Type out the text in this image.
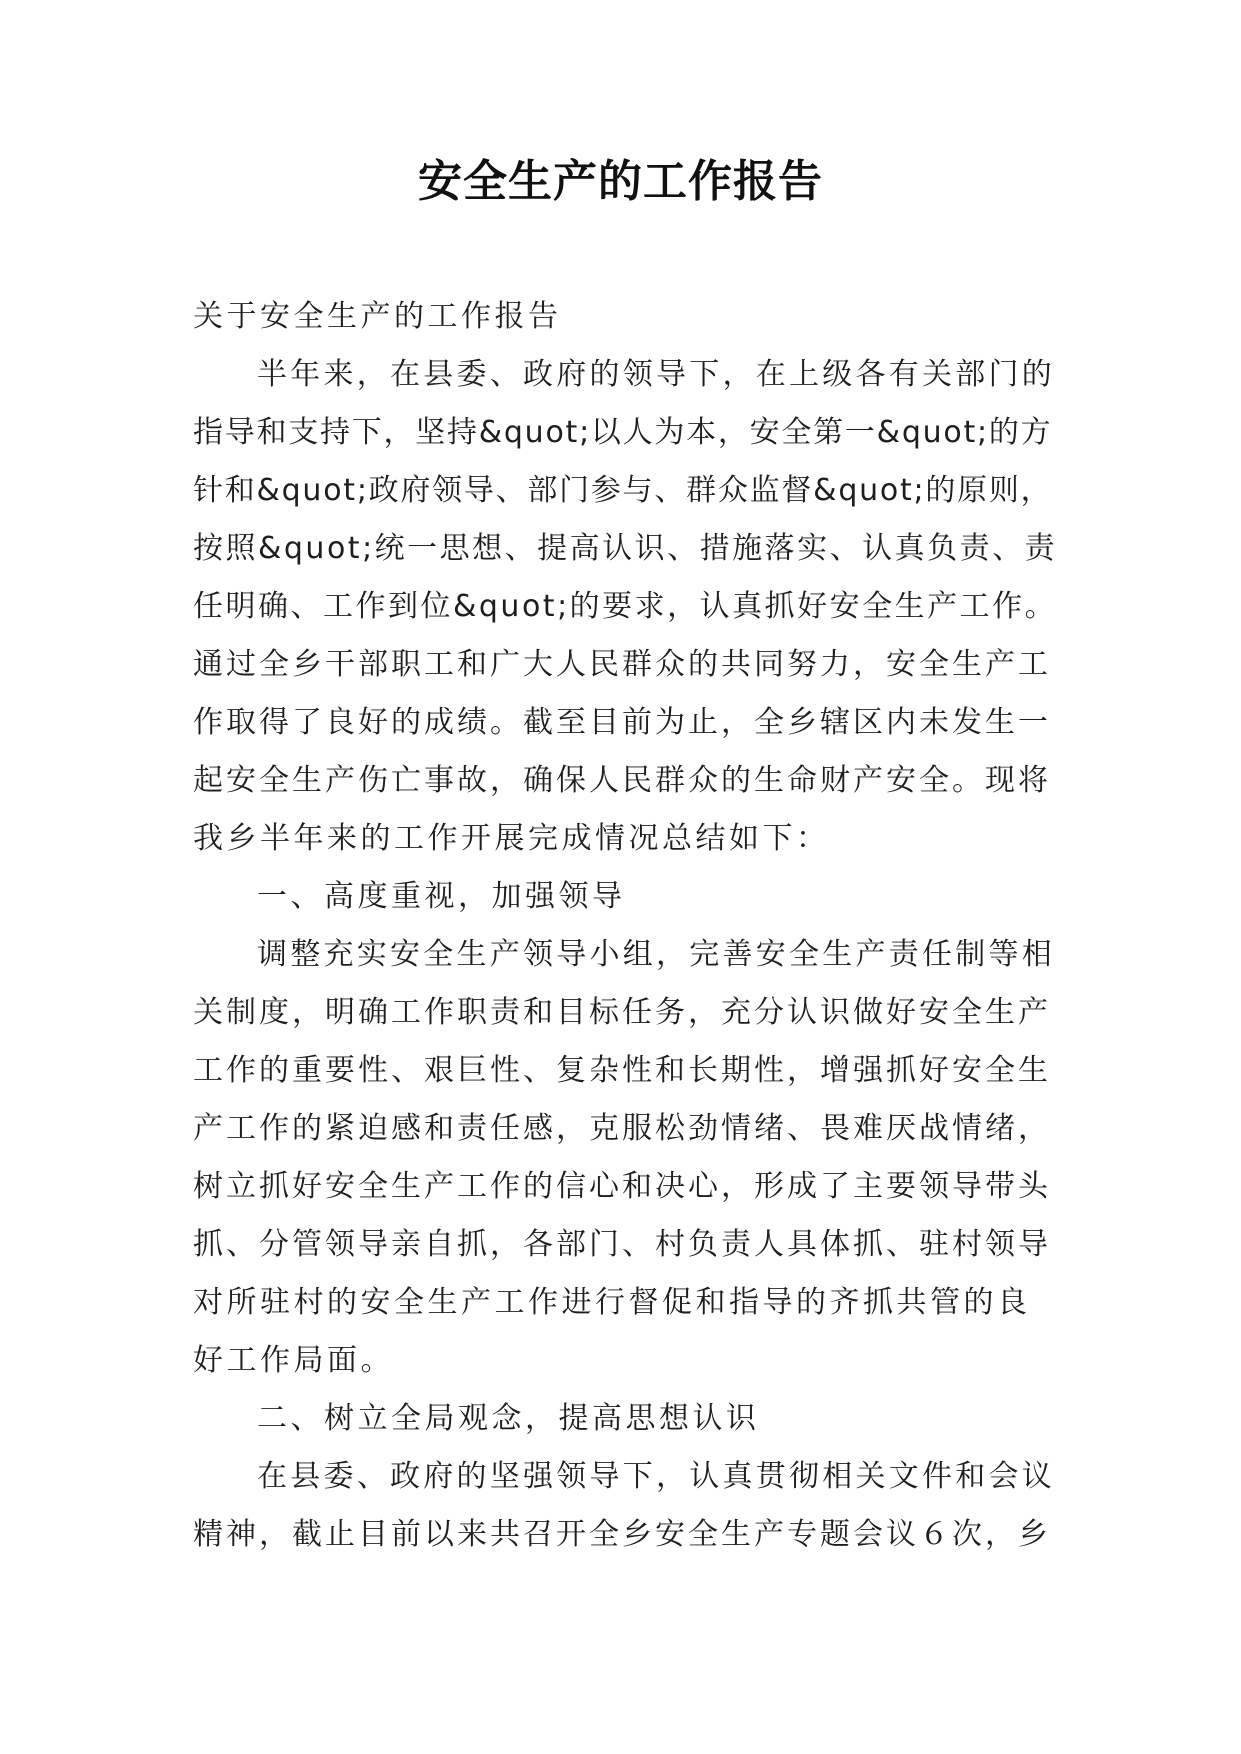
安全生产的工作报告
关于安全生产的工作报告
半年来，在县委、政府的领导下，在上级各有关部门的
指导和支持下，坚持&quot;以人为本，安全第一&quot;的方
针和&quot;政府领导、部门参与、群众监督&quot;的原则，
按照&quot;统一思想、提高认识、措施落实、认真负责、责
任明确、工作到位&quot;的要求，认真抓好安全生产工作。
通过全乡干部职工和广大人民群众的共同努力，安全生产工
作取得了良好的成绩。截至目前为止，全乡辖区内未发生一
起安全生产伤亡事故，确保人民群众的生命财产安全。现将
我乡半年来的工作开展完成情况总结如下：
一、高度重视，加强领导
调整充实安全生产领导小组，完善安全生产责任制等相
关制度，明确工作职责和目标任务，充分认识做好安全生产
工作的重要性、艰巨性、复杂性和长期性，增强抓好安全生
产工作的紧迫感和责任感，克服松劲情绪、畏难厌战情绪，
树立抓好安全生产工作的信心和决心，形成了主要领导带头
抓、分管领导亲自抓，各部门、村负责人具体抓、驻村领导
对所驻村的安全生产工作进行督促和指导的齐抓共管的良
好工作局面。
二、树立全局观念，提高思想认识
在县委、政府的坚强领导下，认真贯彻相关文件和会议
精神，截止目前以来共召开全乡安全生产专题会议６次，乡
